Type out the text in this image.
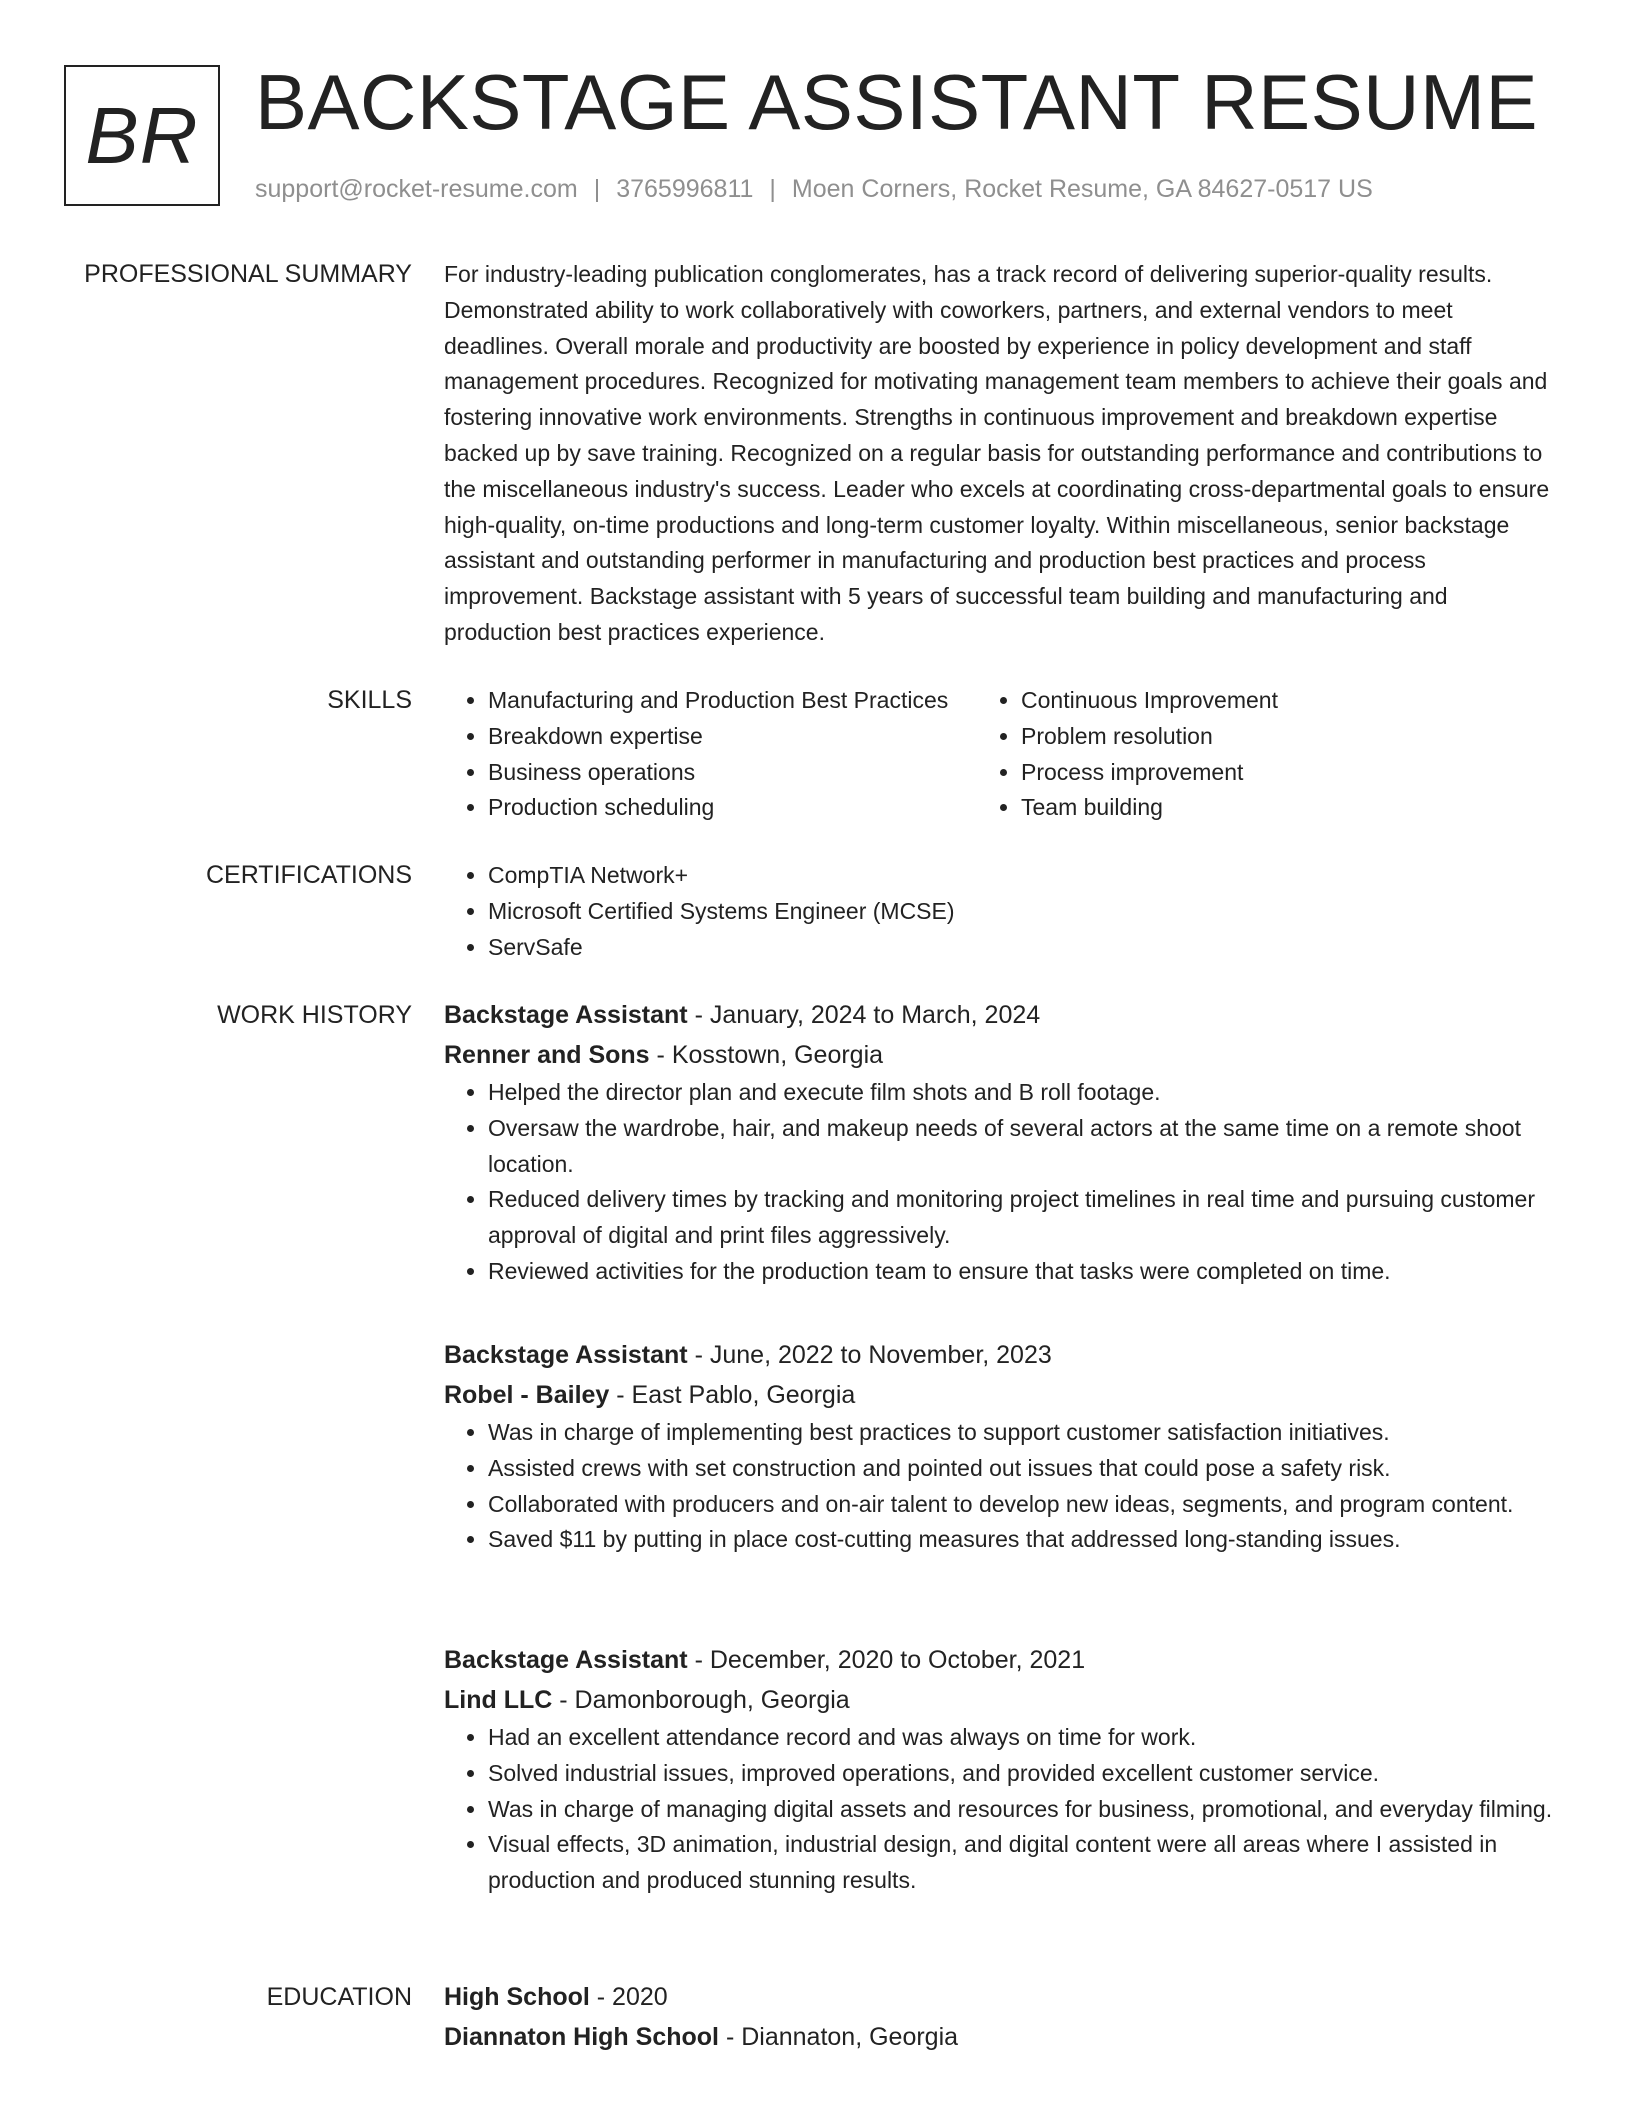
BR BACKSTAGE ASSISTANT RESUME
support@rocket-resume.com | 3765996811 | Moen Corners, Rocket Resume, GA 84627-0517 US
PROFESSIONAL SUMMARY For industry-leading publication conglomerates, has a track record of delivering superior-quality results. Demonstrated ability to work collaboratively with coworkers, partners, and external vendors to meet deadlines. Overall morale and productivity are boosted by experience in policy development and staff management procedures. Recognized for motivating management team members to achieve their goals and fostering innovative work environments. Strengths in continuous improvement and breakdown expertise backed up by save training. Recognized on a regular basis for outstanding performance and contributions to the miscellaneous industry's success. Leader who excels at coordinating cross-departmental goals to ensure high-quality, on-time productions and long-term customer loyalty. Within miscellaneous, senior backstage assistant and outstanding performer in manufacturing and production best practices and process improvement. Backstage assistant with 5 years of successful team building and manufacturing and production best practices experience.

SKILLS	• Manufacturing and Production Best Practices
• Breakdown expertise
• Business operations
• Production scheduling
• Continuous Improvement
• Problem resolution
• Process improvement
• Team building
CERTIFICATIONS	• CompTIA Network+
• Microsoft Certified Systems Engineer (MCSE)
• ServSafe
WORK HISTORY Backstage Assistant - January, 2024 to March, 2024
Renner and Sons - Kosstown, Georgia
• Helped the director plan and execute film shots and B roll footage.
• Oversaw the wardrobe, hair, and makeup needs of several actors at the same time on a remote shoot location.
• Reduced delivery times by tracking and monitoring project timelines in real time and pursuing customer approval of digital and print files aggressively.
• Reviewed activities for the production team to ensure that tasks were completed on time.
Backstage Assistant - June, 2022 to November, 2023
Robel - Bailey - East Pablo, Georgia
• Was in charge of implementing best practices to support customer satisfaction initiatives.
• Assisted crews with set construction and pointed out issues that could pose a safety risk.
• Collaborated with producers and on-air talent to develop new ideas, segments, and program content.
• Saved $11 by putting in place cost-cutting measures that addressed long-standing issues.
Backstage Assistant - December, 2020 to October, 2021
Lind LLC - Damonborough, Georgia
• Had an excellent attendance record and was always on time for work.
• Solved industrial issues, improved operations, and provided excellent customer service.
• Was in charge of managing digital assets and resources for business, promotional, and everyday filming.
• Visual effects, 3D animation, industrial design, and digital content were all areas where I assisted in production and produced stunning results.
EDUCATION High School - 2020
Diannaton High School - Diannaton, Georgia
